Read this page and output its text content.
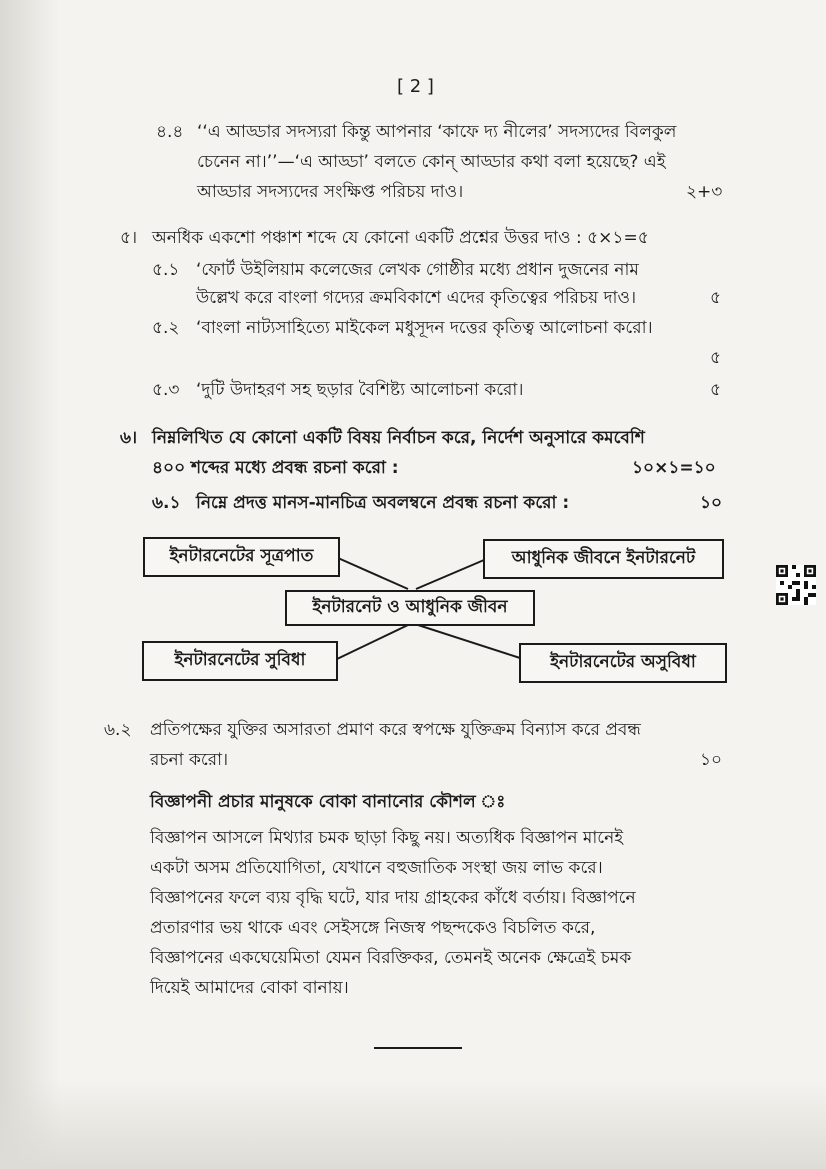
[ 2 ]
৪.৪ ‘‘এ আড্ডার সদস্যরা কিন্তু আপনার ‘কাফে দ্য নীলের’ সদস্যদের বিলকুল
চেনেন না।’’—‘এ আড্ডা’ বলতে কোন্ আড্ডার কথা বলা হয়েছে? এই
আড্ডার সদস্যদের সংক্ষিপ্ত পরিচয় দাও।	২+৩
৫। অনধিক একশো পঞ্চাশ শব্দে যে কোনো একটি প্রশ্নের উত্তর দাও : ৫×১=৫
৫.১ ‘ফোর্ট উইলিয়াম কলেজের লেখক গোষ্ঠীর মধ্যে প্রধান দুজনের নাম
উল্লেখ করে বাংলা গদ্যের ক্রমবিকাশে এদের কৃতিত্বের পরিচয় দাও।	৫
৫.২ ‘বাংলা নাট্যসাহিত্যে মাইকেল মধুসূদন দত্তের কৃতিত্ব আলোচনা করো।
৫
৫.৩ ‘দুটি উদাহরণ সহ ছড়ার বৈশিষ্ট্য আলোচনা করো।	৫
৬। নিম্নলিখিত যে কোনো একটি বিষয় নির্বাচন করে, নির্দেশ অনুসারে কমবেশি
৪০০ শব্দের মধ্যে প্রবন্ধ রচনা করো :	১০×১=১০
৬.১ নিম্নে প্রদত্ত মানস-মানচিত্র অবলম্বনে প্রবন্ধ রচনা করো :	১০
ইনটারনেটের সূত্রপাত	আধুনিক জীবনে ইনটারনেট
ইনটারনেট ও আধুনিক জীবন
ইনটারনেটের সুবিধা	ইনটারনেটের অসুবিধা
৬.২ প্রতিপক্ষের যুক্তির অসারতা প্রমাণ করে স্বপক্ষে যুক্তিক্রম বিন্যাস করে প্রবন্ধ
রচনা করো।	১০
বিজ্ঞাপনী প্রচার মানুষকে বোকা বানানোর কৌশল ঃ
বিজ্ঞাপন আসলে মিথ্যার চমক ছাড়া কিছু নয়। অত্যধিক বিজ্ঞাপন মানেই
একটা অসম প্রতিযোগিতা, যেখানে বহুজাতিক সংস্থা জয় লাভ করে।
বিজ্ঞাপনের ফলে ব্যয় বৃদ্ধি ঘটে, যার দায় গ্রাহকের কাঁধে বর্তায়। বিজ্ঞাপনে
প্রতারণার ভয় থাকে এবং সেইসঙ্গে নিজস্ব পছন্দকেও বিচলিত করে,
বিজ্ঞাপনের একঘেয়েমিতা যেমন বিরক্তিকর, তেমনই অনেক ক্ষেত্রেই চমক
দিয়েই আমাদের বোকা বানায়।
